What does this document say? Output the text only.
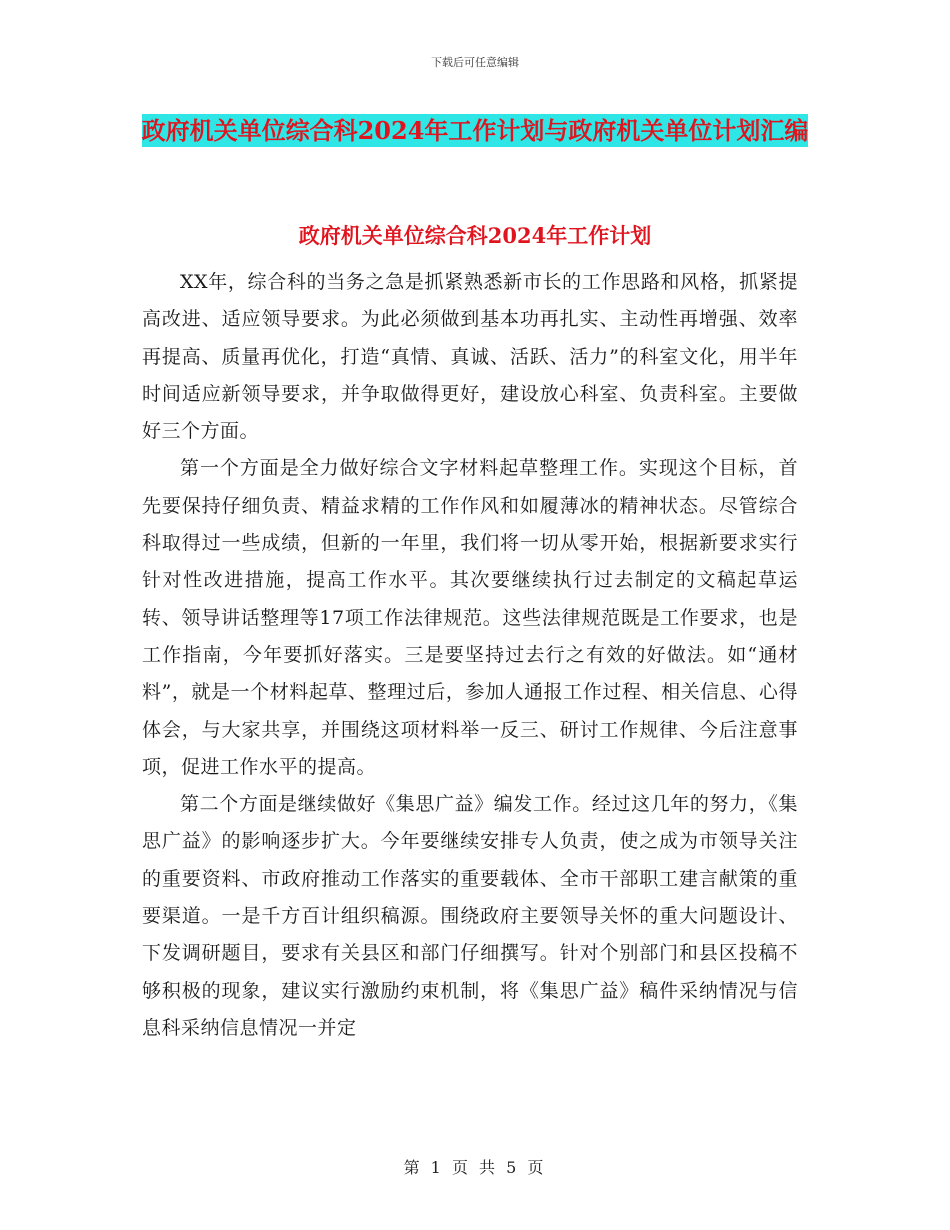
下载后可任意编辑
政府机关单位综合科2024年工作计划与政府机关单位计划汇编
政府机关单位综合科2024年工作计划

XX年，综合科的当务之急是抓紧熟悉新市长的工作思路和风格，抓紧提高改进、适应领导要求。为此必须做到基本功再扎实、主动性再增强、效率再提高、质量再优化，打造“真情、真诚、活跃、活力”的科室文化，用半年时间适应新领导要求，并争取做得更好，建设放心科室、负责科室。主要做好三个方面。

第一个方面是全力做好综合文字材料起草整理工作。实现这个目标，首先要保持仔细负责、精益求精的工作作风和如履薄冰的精神状态。尽管综合科取得过一些成绩，但新的一年里，我们将一切从零开始，根据新要求实行针对性改进措施，提高工作水平。其次要继续执行过去制定的文稿起草运转、领导讲话整理等17项工作法律规范。这些法律规范既是工作要求，也是工作指南，今年要抓好落实。三是要坚持过去行之有效的好做法。如“通材料”，就是一个材料起草、整理过后，参加人通报工作过程、相关信息、心得体会，与大家共享，并围绕这项材料举一反三、研讨工作规律、今后注意事项，促进工作水平的提高。

第二个方面是继续做好《集思广益》编发工作。经过这几年的努力，《集思广益》的影响逐步扩大。今年要继续安排专人负责，使之成为市领导关注的重要资料、市政府推动工作落实的重要载体、全市干部职工建言献策的重要渠道。一是千方百计组织稿源。围绕政府主要领导关怀的重大问题设计、下发调研题目，要求有关县区和部门仔细撰写。针对个别部门和县区投稿不够积极的现象，建议实行激励约束机制，将《集思广益》稿件采纳情况与信息科采纳信息情况一并定

第 1 页 共 5 页
